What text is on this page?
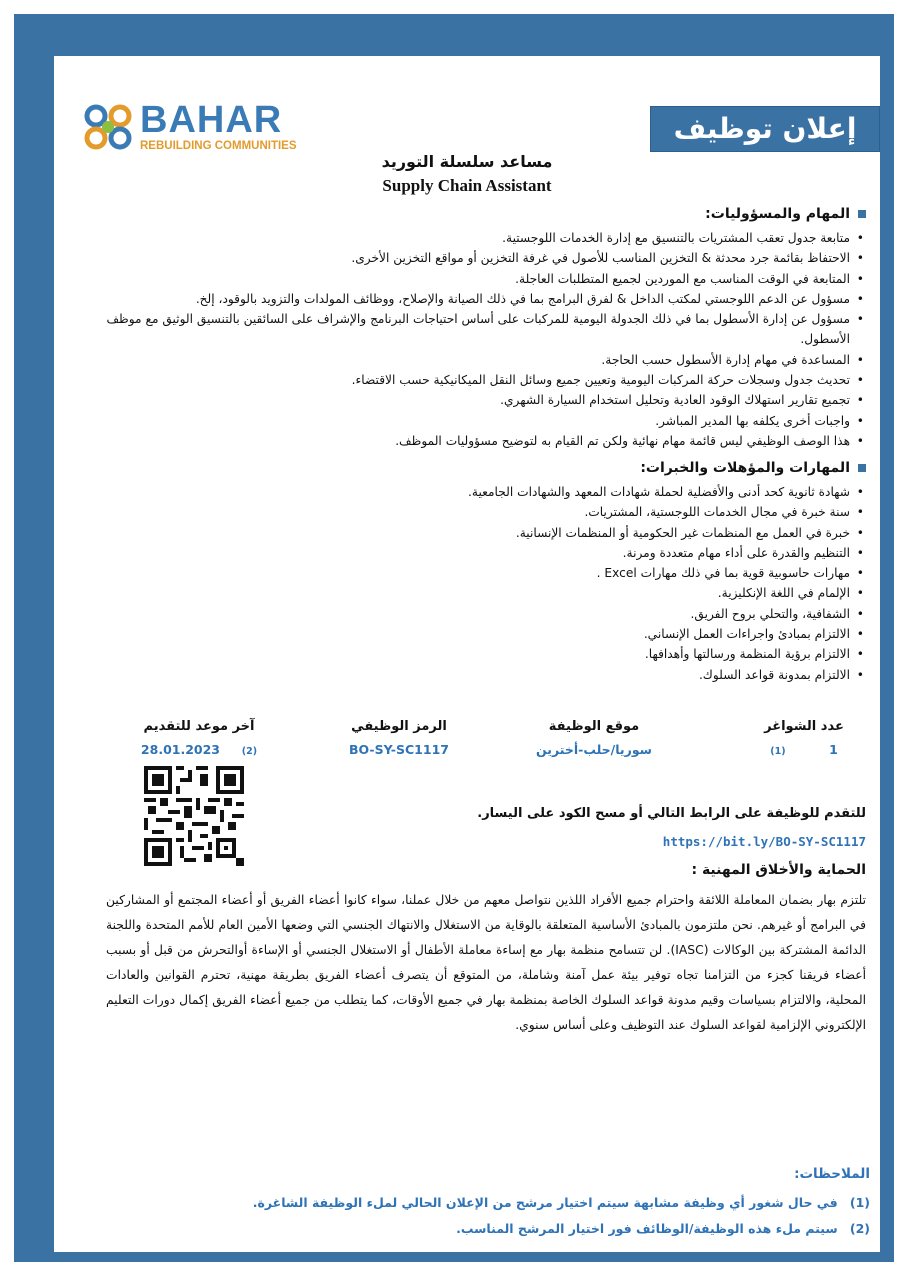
BAHAR
REBUILDING COMMUNITIES
إعلان توظيف
مساعد سلسلة التوريد
Supply Chain Assistant
المهام والمسؤوليات:
• متابعة جدول تعقب المشتريات بالتنسيق مع إدارة الخدمات اللوجستية.
• الاحتفاظ بقائمة جرد محدثة & التخزين المناسب للأصول في غرفة التخزين أو مواقع التخزين الأخرى.
• المتابعة في الوقت المناسب مع الموردين لجميع المتطلبات العاجلة.
• مسؤول عن الدعم اللوجستي لمكتب الداخل & لفرق البرامج بما في ذلك الصيانة والإصلاح، ووظائف المولدات والتزويد بالوقود، إلخ.
• مسؤول عن إدارة الأسطول بما في ذلك الجدولة اليومية للمركبات على أساس احتياجات البرنامج والإشراف على السائقين بالتنسيق الوثيق مع موظف الأسطول.
• المساعدة في مهام إدارة الأسطول حسب الحاجة.
• تحديث جدول وسجلات حركة المركبات اليومية وتعيين جميع وسائل النقل الميكانيكية حسب الاقتضاء.
• تجميع تقارير استهلاك الوقود العادية وتحليل استخدام السيارة الشهري.
• واجبات أخرى يكلفه بها المدير المباشر.
• هذا الوصف الوظيفي ليس قائمة مهام نهائية ولكن تم القيام به لتوضيح مسؤوليات الموظف.
المهارات والمؤهلات والخبرات:
• شهادة ثانوية كحد أدنى والأفضلية لحملة شهادات المعهد والشهادات الجامعية.
• سنة خبرة في مجال الخدمات اللوجستية، المشتريات.
• خبرة في العمل مع المنظمات غير الحكومية أو المنظمات الإنسانية.
• التنظيم والقدرة على أداء مهام متعددة ومرنة.
• مهارات حاسوبية قوية بما في ذلك مهارات Excel .
• الإلمام في اللغة الإنكليزية.
• الشفافية، والتحلي بروح الفريق.
• الالتزام بمبادئ واجراءات العمل الإنساني.
• الالتزام برؤية المنظمة ورسالتها وأهدافها.
• الالتزام بمدونة قواعد السلوك.
عدد الشواغر
1          (1)
موقع الوظيفة
سوريا/حلب-أخترين
الرمز الوظيفي
BO-SY-SC1117
آخر موعد للتقديم
(2)     28.01.2023
للتقدم للوظيفة على الرابط التالي أو مسح الكود على اليسار.
https://bit.ly/BO-SY-SC1117
الحماية والأخلاق المهنية :
تلتزم بهار بضمان المعاملة اللائقة واحترام جميع الأفراد اللذين نتواصل معهم من خلال عملنا، سواء كانوا أعضاء الفريق أو أعضاء المجتمع أو المشاركين في البرامج أو غيرهم. نحن ملتزمون بالمبادئ الأساسية المتعلقة بالوقاية من الاستغلال والانتهاك الجنسي التي وضعها الأمين العام للأمم المتحدة واللجنة الدائمة المشتركة بين الوكالات (IASC). لن تتسامح منظمة بهار مع إساءة معاملة الأطفال أو الاستغلال الجنسي أو الإساءة أوالتحرش من قبل أو بسبب أعضاء فريقنا كجزء من التزامنا تجاه توفير بيئة عمل آمنة وشاملة، من المتوقع أن يتصرف أعضاء الفريق بطريقة مهنية، تحترم القوانين والعادات المحلية، والالتزام بسياسات وقيم مدونة قواعد السلوك الخاصة بمنظمة بهار في جميع الأوقات، كما يتطلب من جميع أعضاء الفريق إكمال دورات التعليم الإلكتروني الإلزامية لقواعد السلوك عند التوظيف وعلى أساس سنوي.
الملاحظات:
(1) في حال شغور أي وظيفة مشابهة سيتم اختيار مرشح من الإعلان الحالي لملء الوظيفة الشاغرة.
(2) سيتم ملء هذه الوظيفة/الوظائف فور اختيار المرشح المناسب.
